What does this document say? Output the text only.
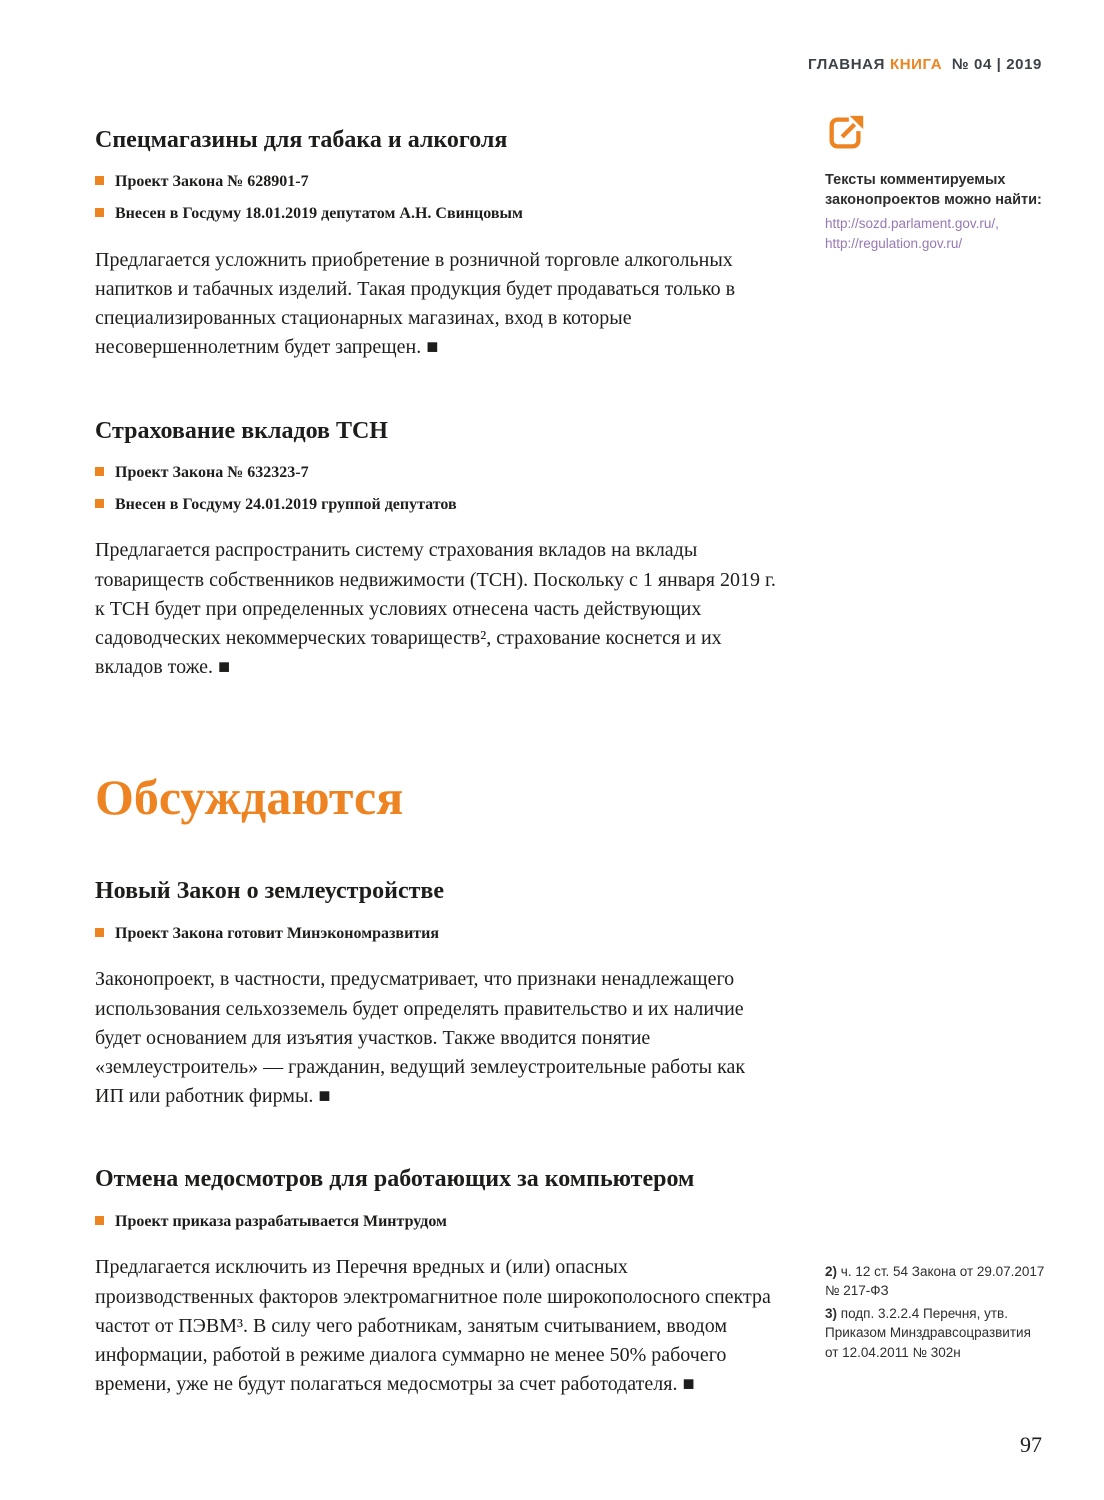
ГЛАВНАЯ КНИГА № 04 | 2019
Спецмагазины для табака и алкоголя
Проект Закона № 628901-7
Внесен в Госдуму 18.01.2019 депутатом А.Н. Свинцовым

Предлагается усложнить приобретение в розничной торговле алкогольных напитков и табачных изделий. Такая продукция будет продаваться только в специализированных стационарных магазинах, вход в которые несовершеннолетним будет запрещен. ■

Страхование вкладов ТСН
Проект Закона № 632323-7
Внесен в Госдуму 24.01.2019 группой депутатов

Предлагается распространить систему страхования вкладов на вклады товариществ собственников недвижимости (ТСН). Поскольку с 1 января 2019 г. к ТСН будет при определенных условиях отнесена часть действующих садоводческих некоммерческих товариществ², страхование коснется и их вкладов тоже. ■

Обсуждаются
Новый Закон о землеустройстве
Проект Закона готовит Минэкономразвития

Законопроект, в частности, предусматривает, что признаки ненадлежащего использования сельхозземель будет определять правительство и их наличие будет основанием для изъятия участков. Также вводится понятие «землеустроитель» — гражданин, ведущий землеустроительные работы как ИП или работник фирмы. ■

Отмена медосмотров для работающих за компьютером
Проект приказа разрабатывается Минтрудом

Предлагается исключить из Перечня вредных и (или) опасных производственных факторов электромагнитное поле широкополосного спектра частот от ПЭВМ³. В силу чего работникам, занятым считыванием, вводом информации, работой в режиме диалога суммарно не менее 50% рабочего времени, уже не будут полагаться медосмотры за счет работодателя. ■

Тексты комментируемых законопроектов можно найти:
http://sozd.parlament.gov.ru/,
http://regulation.gov.ru/

2) ч. 12 ст. 54 Закона от 29.07.2017 № 217-ФЗ

3) подп. 3.2.2.4 Перечня, утв. Приказом Минздравсоцразвития от 12.04.2011 № 302н

97
